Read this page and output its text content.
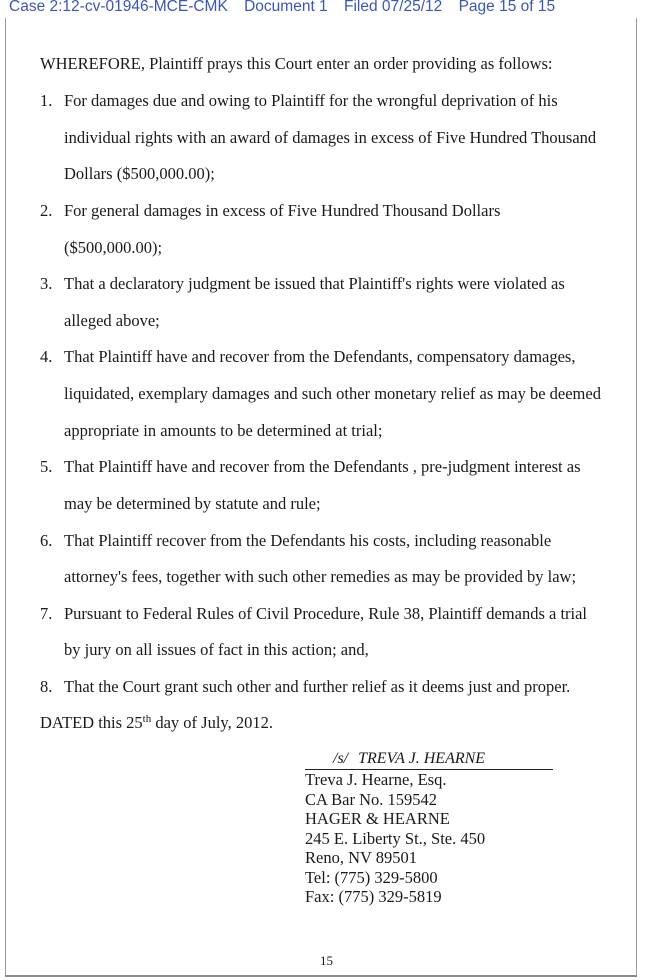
Case 2:12-cv-01946-MCE-CMK Document 1 Filed 07/25/12 Page 15 of 15
WHEREFORE, Plaintiff prays this Court enter an order providing as follows:
1. For damages due and owing to Plaintiff for the wrongful deprivation of his
individual rights with an award of damages in excess of Five Hundred Thousand
Dollars ($500,000.00);
2. For general damages in excess of Five Hundred Thousand Dollars
($500,000.00);
3. That a declaratory judgment be issued that Plaintiff's rights were violated as
alleged above;
4. That Plaintiff have and recover from the Defendants, compensatory damages,
liquidated, exemplary damages and such other monetary relief as may be deemed
appropriate in amounts to be determined at trial;
5. That Plaintiff have and recover from the Defendants , pre-judgment interest as
may be determined by statute and rule;
6. That Plaintiff recover from the Defendants his costs, including reasonable
attorney's fees, together with such other remedies as may be provided by law;
7. Pursuant to Federal Rules of Civil Procedure, Rule 38, Plaintiff demands a trial
by jury on all issues of fact in this action; and,
8. That the Court grant such other and further relief as it deems just and proper.
DATED this 25th day of July, 2012.
/s/ TREVA J. HEARNE
Treva J. Hearne, Esq.
CA Bar No. 159542
HAGER & HEARNE
245 E. Liberty St., Ste. 450
Reno, NV 89501
Tel: (775) 329-5800
Fax: (775) 329-5819
15
